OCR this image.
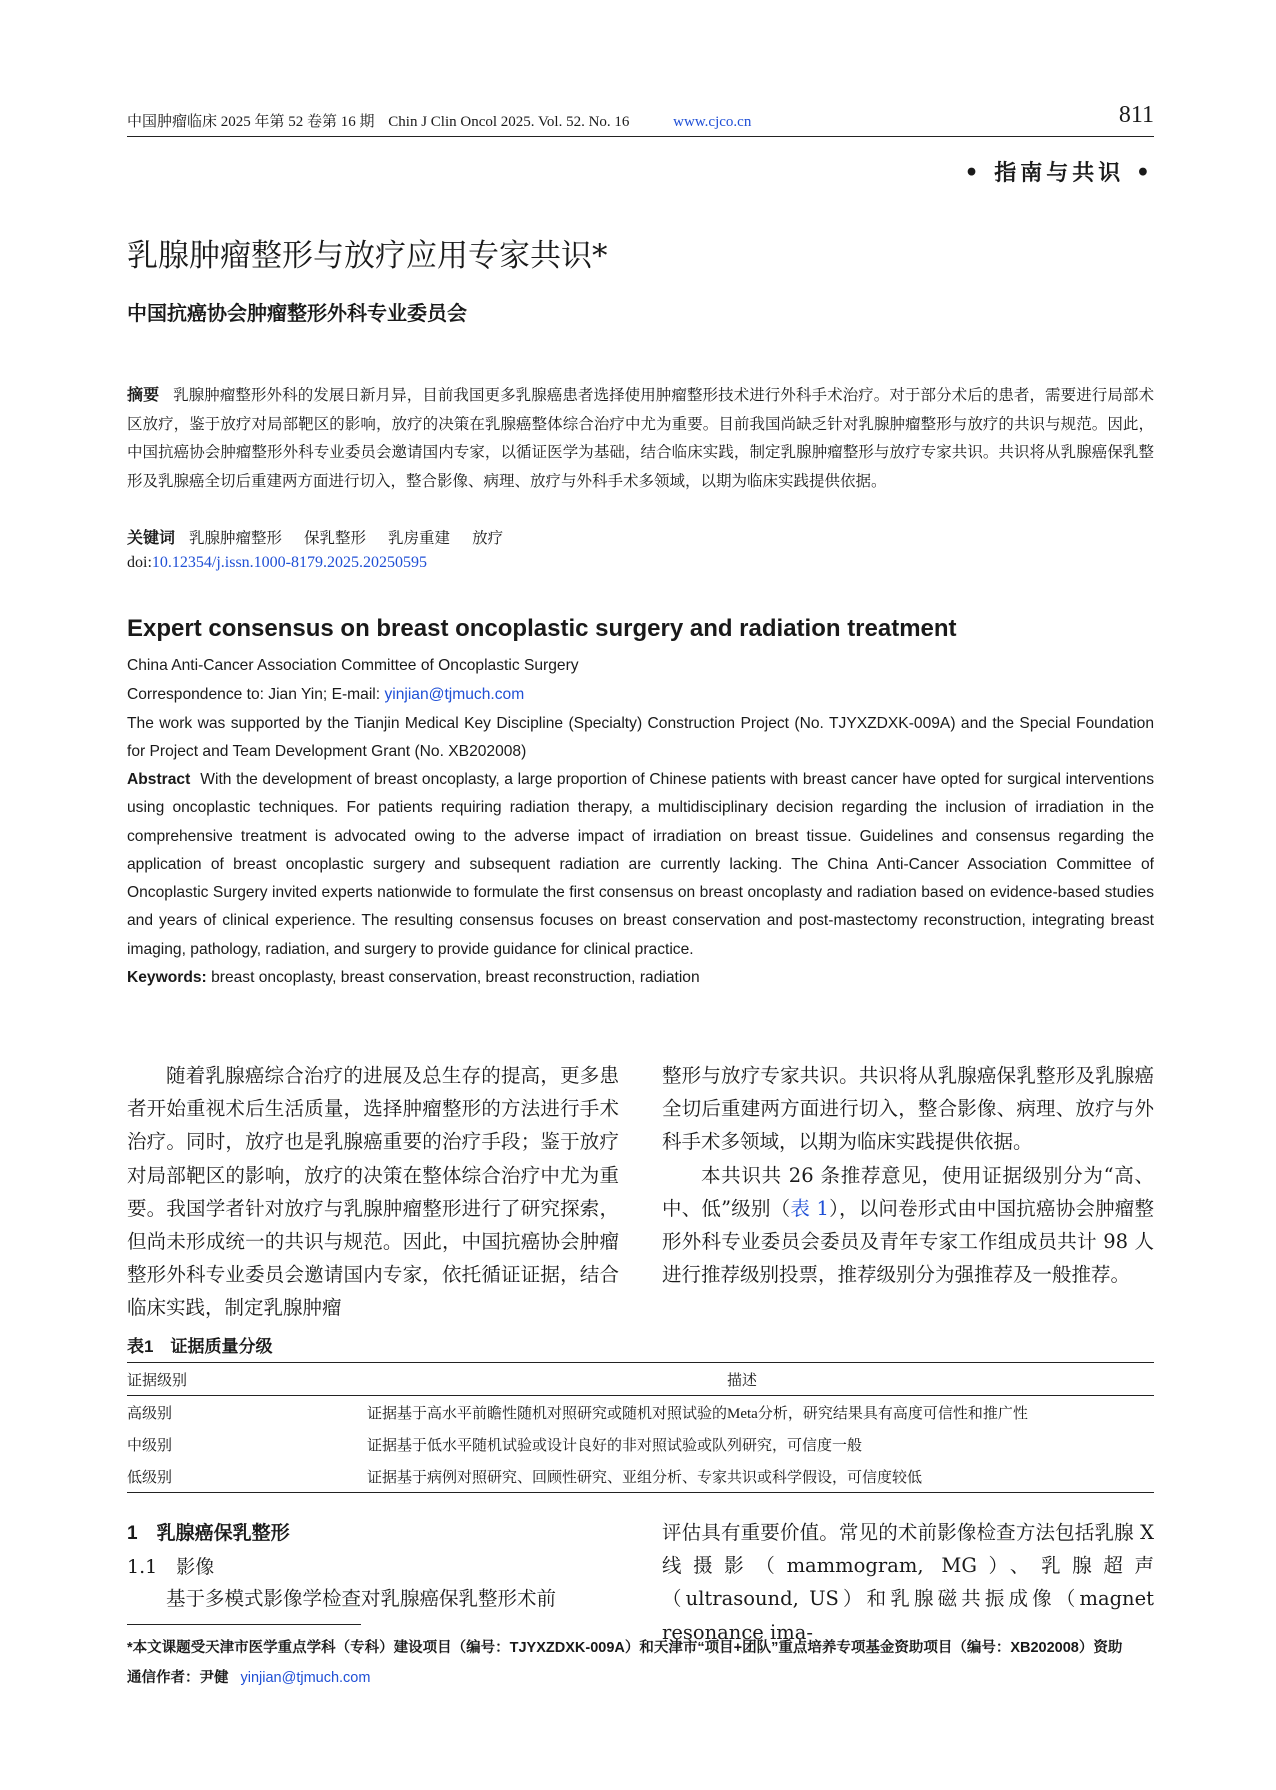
中国肿瘤临床 2025 年第 52 卷第 16 期 Chin J Clin Oncol 2025. Vol. 52. No. 16	www.cjco.cn	811
• 指南与共识 •
乳腺肿瘤整形与放疗应用专家共识*
中国抗癌协会肿瘤整形外科专业委员会
摘要 乳腺肿瘤整形外科的发展日新月异，目前我国更多乳腺癌患者选择使用肿瘤整形技术进行外科手术治疗。对于部分术后的患者，需要进行局部术区放疗，鉴于放疗对局部靶区的影响，放疗的决策在乳腺癌整体综合治疗中尤为重要。目前我国尚缺乏针对乳腺肿瘤整形与放疗的共识与规范。因此，中国抗癌协会肿瘤整形外科专业委员会邀请国内专家，以循证医学为基础，结合临床实践，制定乳腺肿瘤整形与放疗专家共识。共识将从乳腺癌保乳整形及乳腺癌全切后重建两方面进行切入，整合影像、病理、放疗与外科手术多领域，以期为临床实践提供依据。
关键词 乳腺肿瘤整形 保乳整形 乳房重建 放疗
doi:10.12354/j.issn.1000-8179.2025.20250595
Expert consensus on breast oncoplastic surgery and radiation treatment
China Anti-Cancer Association Committee of Oncoplastic Surgery
Correspondence to: Jian Yin; E-mail: yinjian@tjmuch.com
The work was supported by the Tianjin Medical Key Discipline (Specialty) Construction Project (No. TJYXZDXK-009A) and the Special Foundation for Project and Team Development Grant (No. XB202008)
Abstract With the development of breast oncoplasty, a large proportion of Chinese patients with breast cancer have opted for surgical interventions using oncoplastic techniques. For patients requiring radiation therapy, a multidisciplinary decision regarding the inclusion of irradiation in the comprehensive treatment is advocated owing to the adverse impact of irradiation on breast tissue. Guidelines and consensus regarding the application of breast oncoplastic surgery and subsequent radiation are currently lacking. The China Anti-Cancer Association Committee of Oncoplastic Surgery invited experts nationwide to formulate the first consensus on breast oncoplasty and radiation based on evidence-based studies and years of clinical experience. The resulting consensus focuses on breast conservation and post-mastectomy reconstruction, integrating breast imaging, pathology, radiation, and surgery to provide guidance for clinical practice.
Keywords: breast oncoplasty, breast conservation, breast reconstruction, radiation

随着乳腺癌综合治疗的进展及总生存的提高，更多患者开始重视术后生活质量，选择肿瘤整形的方法进行手术治疗。同时，放疗也是乳腺癌重要的治疗手段；鉴于放疗对局部靶区的影响，放疗的决策在整体综合治疗中尤为重要。我国学者针对放疗与乳腺肿瘤整形进行了研究探索，但尚未形成统一的共识与规范。因此，中国抗癌协会肿瘤整形外科专业委员会邀请国内专家，依托循证证据，结合临床实践，制定乳腺肿瘤

整形与放疗专家共识。共识将从乳腺癌保乳整形及乳腺癌全切后重建两方面进行切入，整合影像、病理、放疗与外科手术多领域，以期为临床实践提供依据。

本共识共 26 条推荐意见，使用证据级别分为“高、中、低”级别（表 1），以问卷形式由中国抗癌协会肿瘤整形外科专业委员会委员及青年专家工作组成员共计 98 人进行推荐级别投票，推荐级别分为强推荐及一般推荐。

表1　证据质量分级
证据级别	描述
高级别	证据基于高水平前瞻性随机对照研究或随机对照试验的Meta分析，研究结果具有高度可信性和推广性
中级别	证据基于低水平随机试验或设计良好的非对照试验或队列研究，可信度一般
低级别	证据基于病例对照研究、回顾性研究、亚组分析、专家共识或科学假设，可信度较低
1　乳腺癌保乳整形
1.1　影像

基于多模式影像学检查对乳腺癌保乳整形术前

评估具有重要价值。常见的术前影像检查方法包括乳腺 X 线摄影（mammogram, MG）、乳腺超声（ultrasound, US）和乳腺磁共振成像（magnet resonance ima-

*本文课题受天津市医学重点学科（专科）建设项目（编号：TJYXZDXK-009A）和天津市“项目+团队”重点培养专项基金资助项目（编号：XB202008）资助
通信作者：尹健 yinjian@tjmuch.com
